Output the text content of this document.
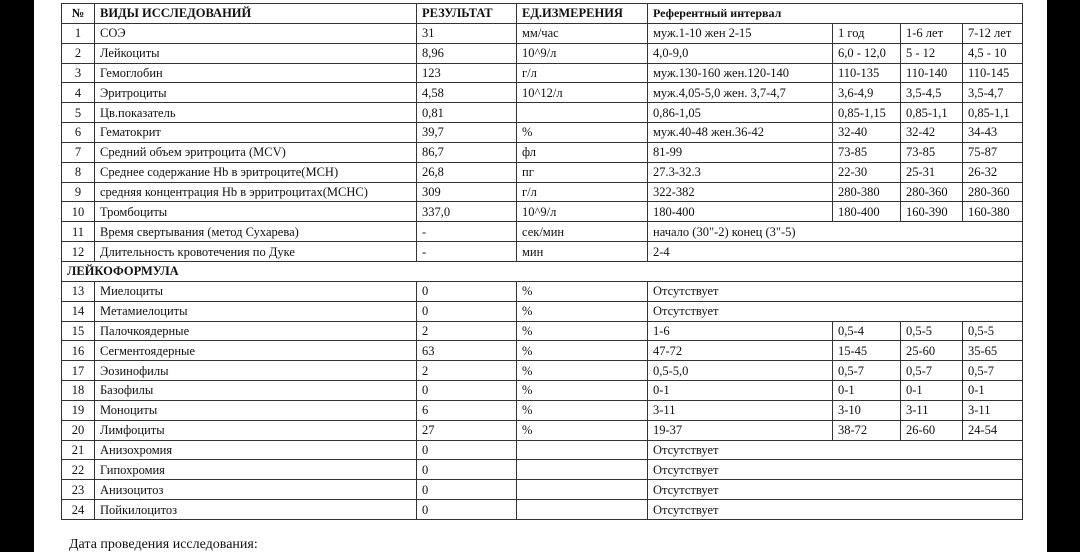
№	ВИДЫ ИССЛЕДОВАНИЙ	РЕЗУЛЬТАТ	ЕД.ИЗМЕРЕНИЯ	Референтный интервал			
1	СОЭ	31	мм/час	муж.1-10 жен 2-15	1 год	1-6 лет	7-12 лет
2	Лейкоциты	8,96	10^9/л	4,0-9,0	6,0 - 12,0	5 - 12	4,5 - 10
3	Гемоглобин	123	г/л	муж.130-160 жен.120-140	110-135	110-140	110-145
4	Эритроциты	4,58	10^12/л	муж.4,05-5,0 жен. 3,7-4,7	3,6-4,9	3,5-4,5	3,5-4,7
5	Цв.показатель	0,81		0,86-1,05	0,85-1,15	0,85-1,1	0,85-1,1
6	Гематокрит	39,7	%	муж.40-48 жен.36-42	32-40	32-42	34-43
7	Средний объем эритроцита (MCV)	86,7	фл	81-99	73-85	73-85	75-87
8	Среднее содержание Hb в эритроците(MCH)	26,8	пг	27.3-32.3	22-30	25-31	26-32
9	средняя концентрация Hb в эрритроцитах(MCHC)	309	г/л	322-382	280-380	280-360	280-360
10	Тромбоциты	337,0	10^9/л	180-400	180-400	160-390	160-380
11	Время свертывания (метод Сухарева)	-	сек/мин	начало (30"-2) конец (3"-5)			
12	Длительность кровотечения по Дуке	-	мин	2-4			
ЛЕЙКОФОРМУЛА							
13	Миелоциты	0	%	Отсутствует			
14	Метамиелоциты	0	%	Отсутствует			
15	Палочкоядерные	2	%	1-6	0,5-4	0,5-5	0,5-5
16	Сегментоядерные	63	%	47-72	15-45	25-60	35-65
17	Эозинофилы	2	%	0,5-5,0	0,5-7	0,5-7	0,5-7
18	Базофилы	0	%	0-1	0-1	0-1	0-1
19	Моноциты	6	%	3-11	3-10	3-11	3-11
20	Лимфоциты	27	%	19-37	38-72	26-60	24-54
21	Анизохромия	0		Отсутствует			
22	Гипохромия	0		Отсутствует			
23	Анизоцитоз	0		Отсутствует			
24	Пойкилоцитоз	0		Отсутствует			
Дата проведения исследования:
